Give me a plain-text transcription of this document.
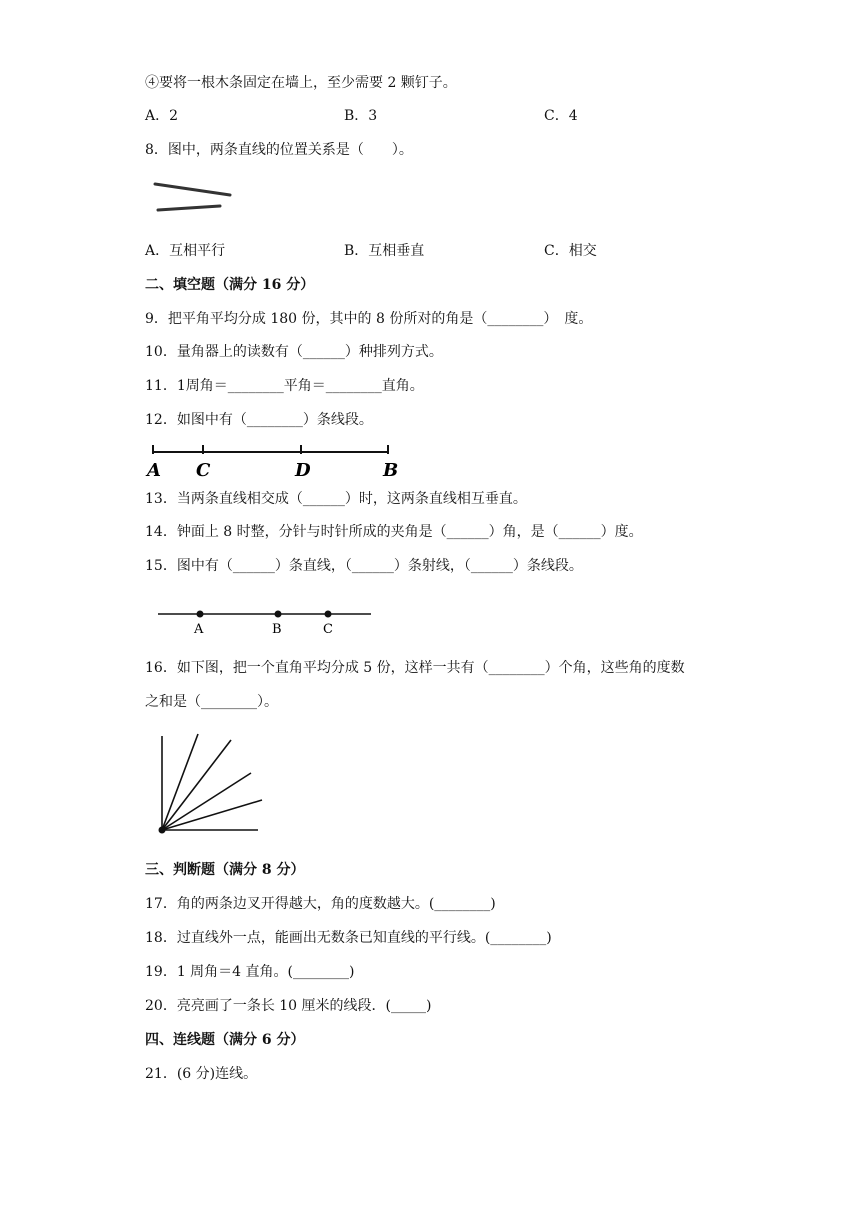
④要将一根木条固定在墙上，至少需要 2 颗钉子。
A．2	B．3	C．4
8．图中，两条直线的位置关系是（　　）。
A．互相平行	B．互相垂直	C．相交
二、填空题（满分 16 分）
9．把平角平均分成 180 份，其中的 8 份所对的角是（________）　度。
10．量角器上的读数有（______）种排列方式。
11．1周角＝________平角＝________直角。
12．如图中有（________）条线段。
A C	D	B
13．当两条直线相交成（______）时，这两条直线相互垂直。
14．钟面上 8 时整，分针与时针所成的夹角是（______）角，是（______）度。
15．图中有（______）条直线，（______）条射线，（______）条线段。
A	B	C
16．如下图，把一个直角平均分成 5 份，这样一共有（________）个角，这些角的度数
之和是（________）。
三、判断题（满分 8 分）
17．角的两条边叉开得越大，角的度数越大。(________)
18．过直线外一点，能画出无数条已知直线的平行线。(________)
19．1 周角＝4 直角。(________)
20．亮亮画了一条长 10 厘米的线段．(_____)
四、连线题（满分 6 分）
21．(6 分)连线。
